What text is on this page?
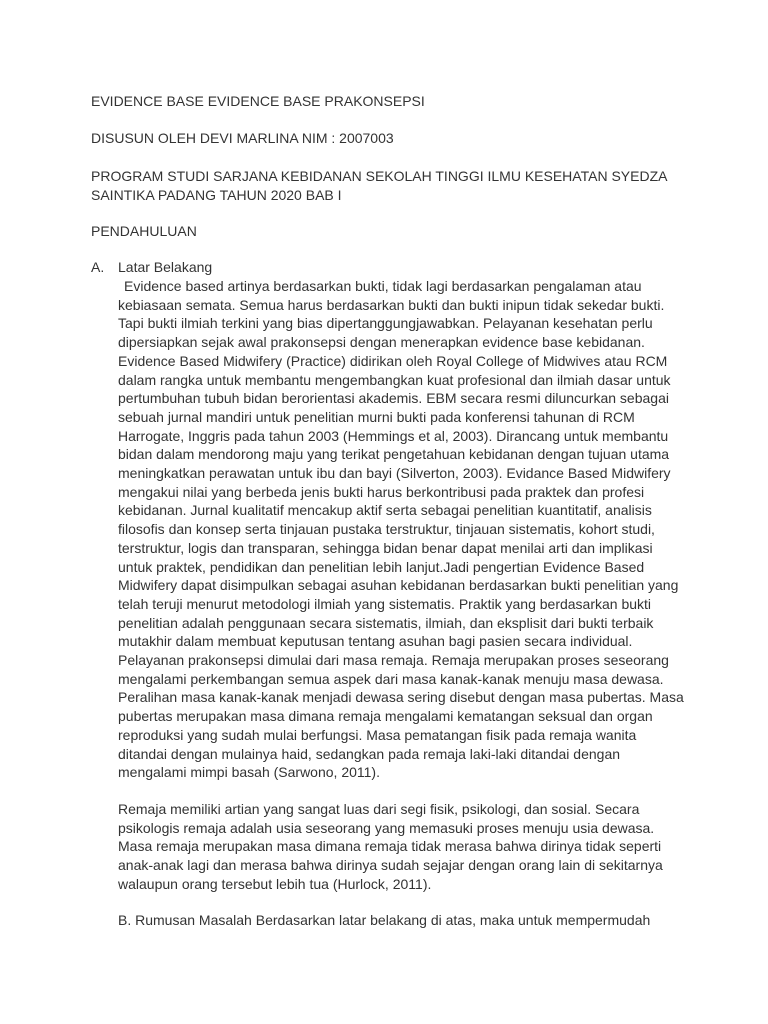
EVIDENCE BASE EVIDENCE BASE PRAKONSEPSI

DISUSUN OLEH DEVI MARLINA NIM : 2007003

PROGRAM STUDI SARJANA KEBIDANAN SEKOLAH TINGGI ILMU KESEHATAN SYEDZA

SAINTIKA PADANG TAHUN 2020 BAB I

PENDAHULUAN

A. Latar Belakang
Evidence based artinya berdasarkan bukti, tidak lagi berdasarkan pengalaman atau
kebiasaan semata. Semua harus berdasarkan bukti dan bukti inipun tidak sekedar bukti.
Tapi bukti ilmiah terkini yang bias dipertanggungjawabkan. Pelayanan kesehatan perlu
dipersiapkan sejak awal prakonsepsi dengan menerapkan evidence base kebidanan.
Evidence Based Midwifery (Practice) didirikan oleh Royal College of Midwives atau RCM
dalam rangka untuk membantu mengembangkan kuat profesional dan ilmiah dasar untuk
pertumbuhan tubuh bidan berorientasi akademis. EBM secara resmi diluncurkan sebagai
sebuah jurnal mandiri untuk penelitian murni bukti pada konferensi tahunan di RCM
Harrogate, Inggris pada tahun 2003 (Hemmings et al, 2003). Dirancang untuk membantu
bidan dalam mendorong maju yang terikat pengetahuan kebidanan dengan tujuan utama
meningkatkan perawatan untuk ibu dan bayi (Silverton, 2003). Evidance Based Midwifery
mengakui nilai yang berbeda jenis bukti harus berkontribusi pada praktek dan profesi
kebidanan. Jurnal kualitatif mencakup aktif serta sebagai penelitian kuantitatif, analisis
filosofis dan konsep serta tinjauan pustaka terstruktur, tinjauan sistematis, kohort studi,
terstruktur, logis dan transparan, sehingga bidan benar dapat menilai arti dan implikasi
untuk praktek, pendidikan dan penelitian lebih lanjut.Jadi pengertian Evidence Based
Midwifery dapat disimpulkan sebagai asuhan kebidanan berdasarkan bukti penelitian yang
telah teruji menurut metodologi ilmiah yang sistematis. Praktik yang berdasarkan bukti
penelitian adalah penggunaan secara sistematis, ilmiah, dan eksplisit dari bukti terbaik
mutakhir dalam membuat keputusan tentang asuhan bagi pasien secara individual.
Pelayanan prakonsepsi dimulai dari masa remaja. Remaja merupakan proses seseorang
mengalami perkembangan semua aspek dari masa kanak-kanak menuju masa dewasa.
Peralihan masa kanak-kanak menjadi dewasa sering disebut dengan masa pubertas. Masa
pubertas merupakan masa dimana remaja mengalami kematangan seksual dan organ
reproduksi yang sudah mulai berfungsi. Masa pematangan fisik pada remaja wanita
ditandai dengan mulainya haid, sedangkan pada remaja laki-laki ditandai dengan
mengalami mimpi basah (Sarwono, 2011).
Remaja memiliki artian yang sangat luas dari segi fisik, psikologi, dan sosial. Secara
psikologis remaja adalah usia seseorang yang memasuki proses menuju usia dewasa.
Masa remaja merupakan masa dimana remaja tidak merasa bahwa dirinya tidak seperti
anak-anak lagi dan merasa bahwa dirinya sudah sejajar dengan orang lain di sekitarnya
walaupun orang tersebut lebih tua (Hurlock, 2011).
B. Rumusan Masalah Berdasarkan latar belakang di atas, maka untuk mempermudah
